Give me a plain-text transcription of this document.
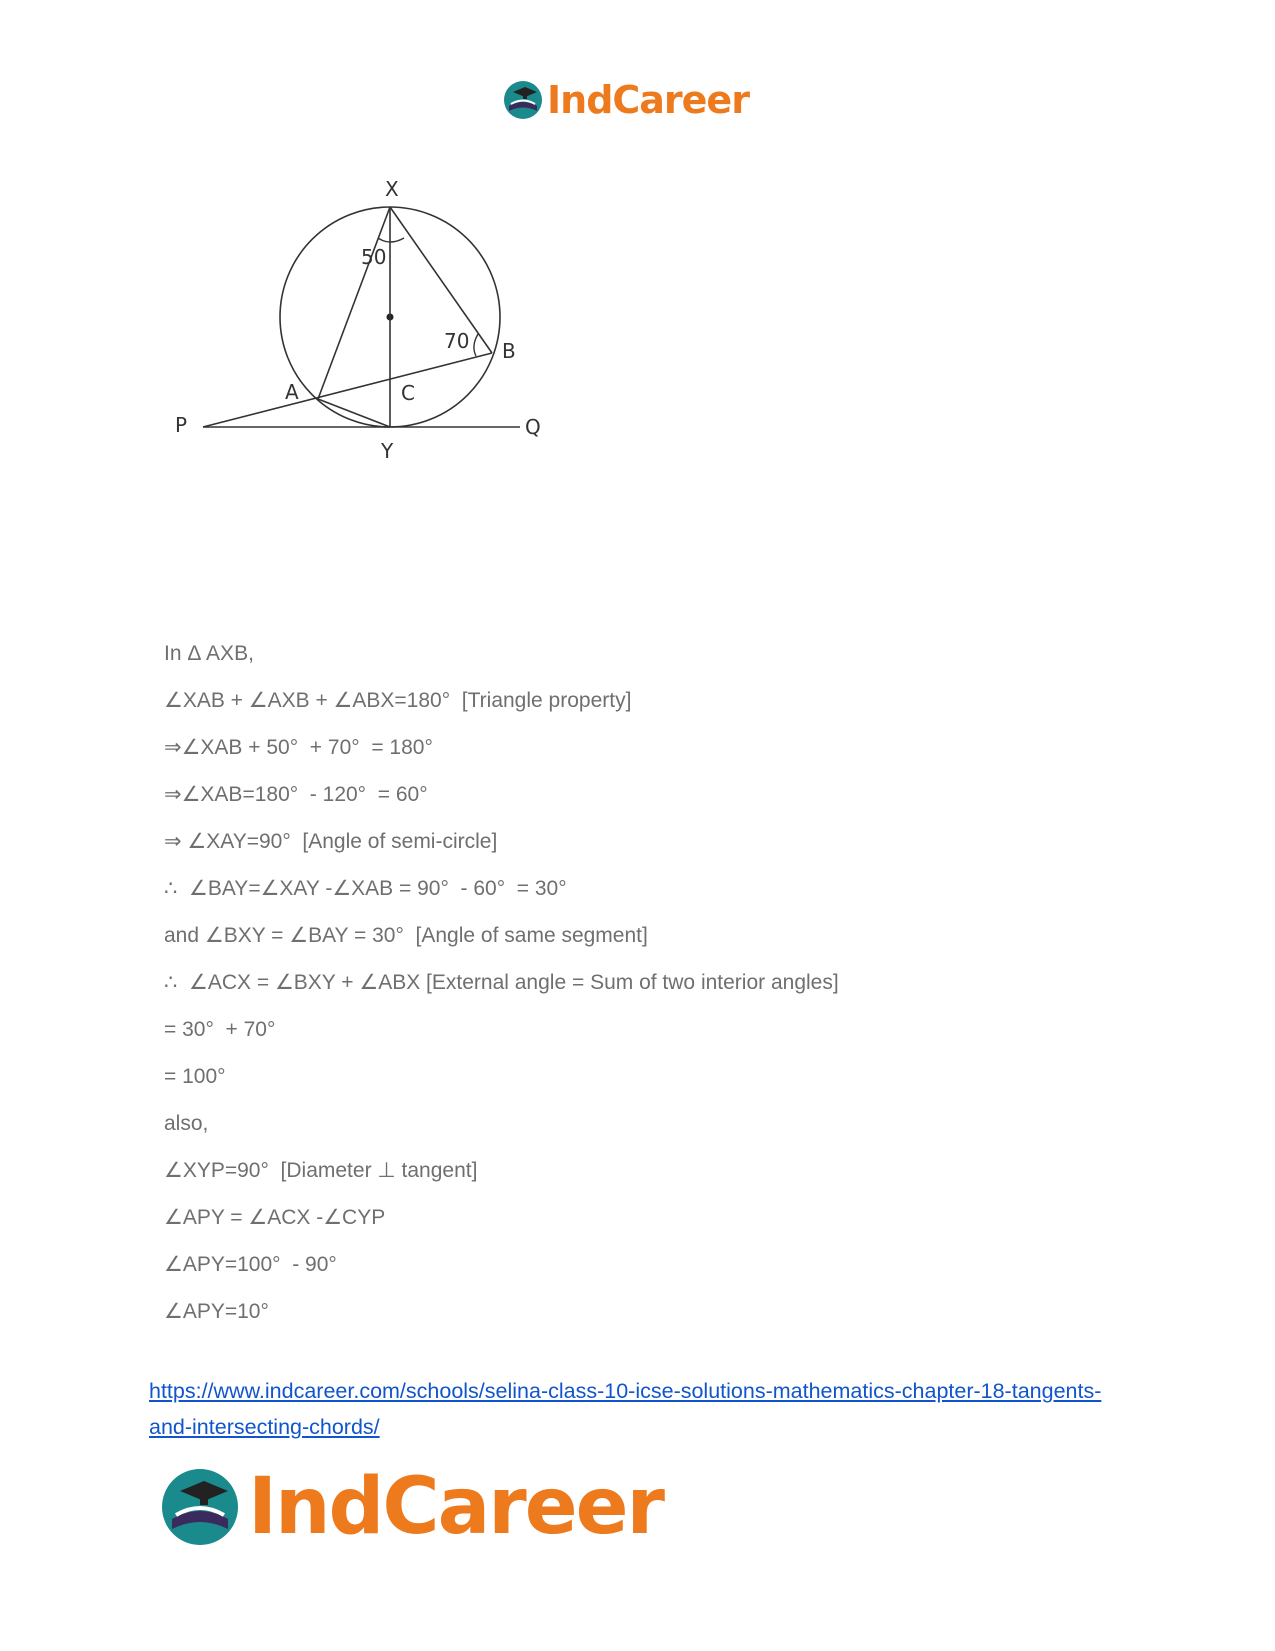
IndCareer
X
50
70 B
A	C
P	Q
Y
In Δ AXB,
∠XAB + ∠AXB + ∠ABX=180°  [Triangle property]
⇒∠XAB + 50°  + 70°  = 180°
⇒∠XAB=180°  - 120°  = 60°
⇒ ∠XAY=90°  [Angle of semi-circle]
∴  ∠BAY=∠XAY -∠XAB = 90°  - 60°  = 30°
and ∠BXY = ∠BAY = 30°  [Angle of same segment]
∴  ∠ACX = ∠BXY + ∠ABX [External angle = Sum of two interior angles]
= 30°  + 70°
= 100°
also,
∠XYP=90°  [Diameter ⊥ tangent]
∠APY = ∠ACX -∠CYP
∠APY=100°  - 90°
∠APY=10°
https://www.indcareer.com/schools/selina-class-10-icse-solutions-mathematics-chapter-18-tangents-and-intersecting-chords/
IndCareer
